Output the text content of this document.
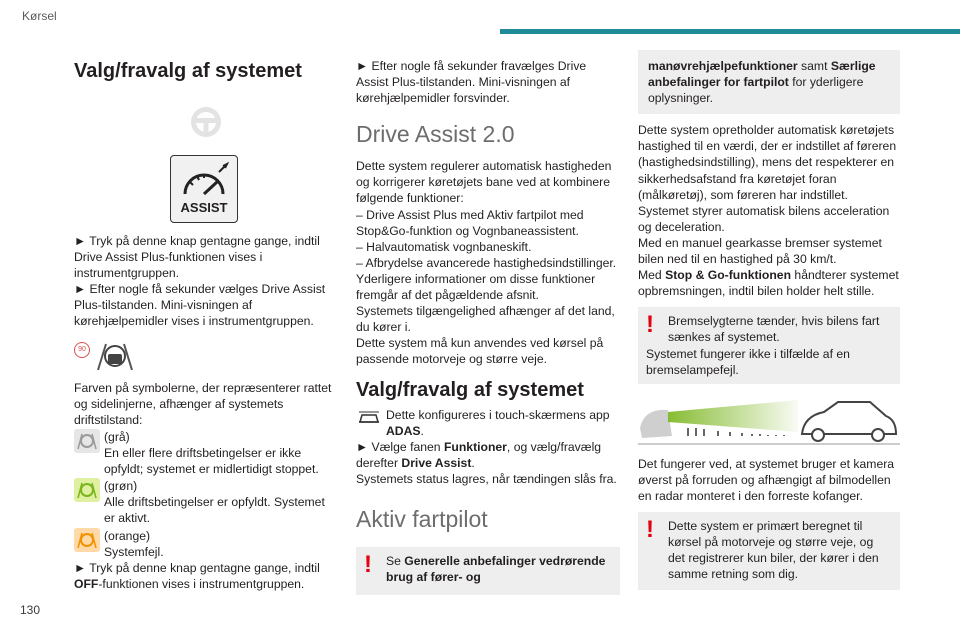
Kørsel
Valg/fravalg af systemet
ASSIST

► Tryk på denne knap gentagne gange, indtil Drive Assist Plus-funktionen vises i instrumentgruppen.

► Efter nogle få sekunder vælges Drive Assist Plus-tilstanden. Mini-visningen af kørehjælpemidler vises i instrumentgruppen.

90

Farven på symbolerne, der repræsenterer rattet og sidelinjerne, afhænger af systemets driftstilstand:

(grå)
En eller flere driftsbetingelser er ikke opfyldt; systemet er midlertidigt stoppet.
(grøn)
Alle driftsbetingelser er opfyldt. Systemet er aktivt.
(orange)
Systemfejl.

► Tryk på denne knap gentagne gange, indtil OFF-funktionen vises i instrumentgruppen.

► Efter nogle få sekunder fravælges Drive Assist Plus-tilstanden. Mini-visningen af kørehjælpemidler forsvinder.

Drive Assist 2.0

Dette system regulerer automatisk hastigheden og korrigerer køretøjets bane ved at kombinere følgende funktioner:

– Drive Assist Plus med Aktiv fartpilot med Stop&Go-funktion og Vognbaneassistent.

– Halvautomatisk vognbaneskift.

– Afbrydelse avancerede hastighedsindstillinger.

Yderligere informationer om disse funktioner fremgår af det pågældende afsnit.

Systemets tilgængelighed afhænger af det land, du kører i.

Dette system må kun anvendes ved kørsel på passende motorveje og større veje.

Valg/fravalg af systemet
Dette konfigureres i touch-skærmens app ADAS.

► Vælge fanen Funktioner, og vælg/fravælg derefter Drive Assist.

Systemets status lagres, når tændingen slås fra.

Aktiv fartpilot
!	Se Generelle anbefalinger vedrørende brug af fører- og
manøvrehjælpefunktioner samt Særlige anbefalinger for fartpilot for yderligere oplysninger.

Dette system opretholder automatisk køretøjets hastighed til en værdi, der er indstillet af føreren (hastighedsindstilling), mens det respekterer en sikkerhedsafstand fra køretøjet foran (målkøretøj), som føreren har indstillet.

Systemet styrer automatisk bilens acceleration og deceleration.

Med en manuel gearkasse bremser systemet bilen ned til en hastighed på 30 km/t.

Med Stop & Go-funktionen håndterer systemet opbremsningen, indtil bilen holder helt stille.

!	Bremselygterne tænder, hvis bilens fart sænkes af systemet.
Systemet fungerer ikke i tilfælde af en bremselampefejl.

Det fungerer ved, at systemet bruger et kamera øverst på forruden og afhængigt af bilmodellen en radar monteret i den forreste kofanger.

!	Dette system er primært beregnet til kørsel på motorveje og større veje, og det registrerer kun biler, der kører i den samme retning som dig.
130
